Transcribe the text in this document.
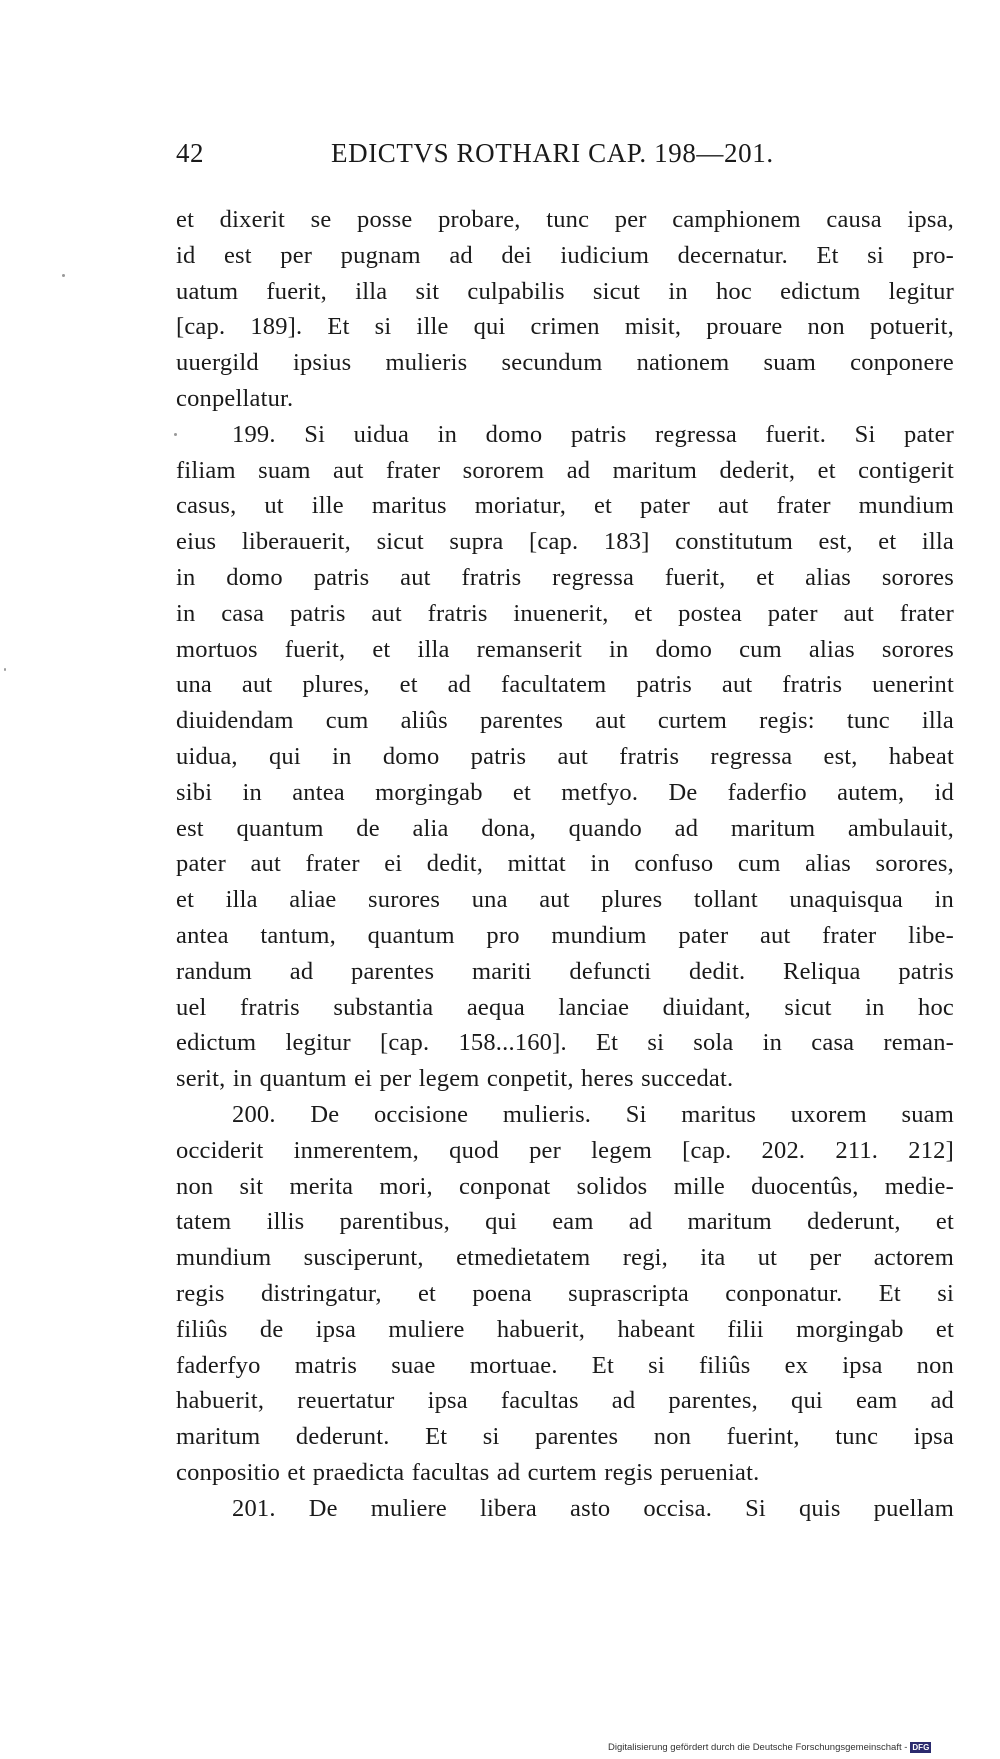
42	EDICTVS ROTHARI CAP. 198—201.
et dixerit se posse probare, tunc per camphionem causa ipsa,
id est per pugnam ad dei iudicium decernatur. Et si pro-
uatum fuerit, illa sit culpabilis sicut in hoc edictum legitur
[cap. 189]. Et si ille qui crimen misit, prouare non potuerit,
uuergild ipsius mulieris secundum nationem suam conponere
conpellatur.
199. Si uidua in domo patris regressa fuerit. Si pater
filiam suam aut frater sororem ad maritum dederit, et contigerit
casus, ut ille maritus moriatur, et pater aut frater mundium
eius liberauerit, sicut supra [cap. 183] constitutum est, et illa
in domo patris aut fratris regressa fuerit, et alias sorores
in casa patris aut fratris inuenerit, et postea pater aut frater
mortuos fuerit, et illa remanserit in domo cum alias sorores
una aut plures, et ad facultatem patris aut fratris uenerint
diuidendam cum aliûs parentes aut curtem regis: tunc illa
uidua, qui in domo patris aut fratris regressa est, habeat
sibi in antea morgingab et metfyo. De faderfio autem, id
est quantum de alia dona, quando ad maritum ambulauit,
pater aut frater ei dedit, mittat in confuso cum alias sorores,
et illa aliae surores una aut plures tollant unaquisqua in
antea tantum, quantum pro mundium pater aut frater libe-
randum ad parentes mariti defuncti dedit. Reliqua patris
uel fratris substantia aequa lanciae diuidant, sicut in hoc
edictum legitur [cap. 158...160]. Et si sola in casa reman-
serit, in quantum ei per legem conpetit, heres succedat.
200. De occisione mulieris. Si maritus uxorem suam
occiderit inmerentem, quod per legem [cap. 202. 211. 212]
non sit merita mori, conponat solidos mille duocentûs, medie-
tatem illis parentibus, qui eam ad maritum dederunt, et
mundium susciperunt, etmedietatem regi, ita ut per actorem
regis distringatur, et poena suprascripta conponatur. Et si
filiûs de ipsa muliere habuerit, habeant filii morgingab et
faderfyo matris suae mortuae. Et si filiûs ex ipsa non
habuerit, reuertatur ipsa facultas ad parentes, qui eam ad
maritum dederunt. Et si parentes non fuerint, tunc ipsa
conpositio et praedicta facultas ad curtem regis perueniat.
201. De muliere libera asto occisa. Si quis puellam
Digitalisierung gefördert durch die Deutsche Forschungsgemeinschaft - DFG
